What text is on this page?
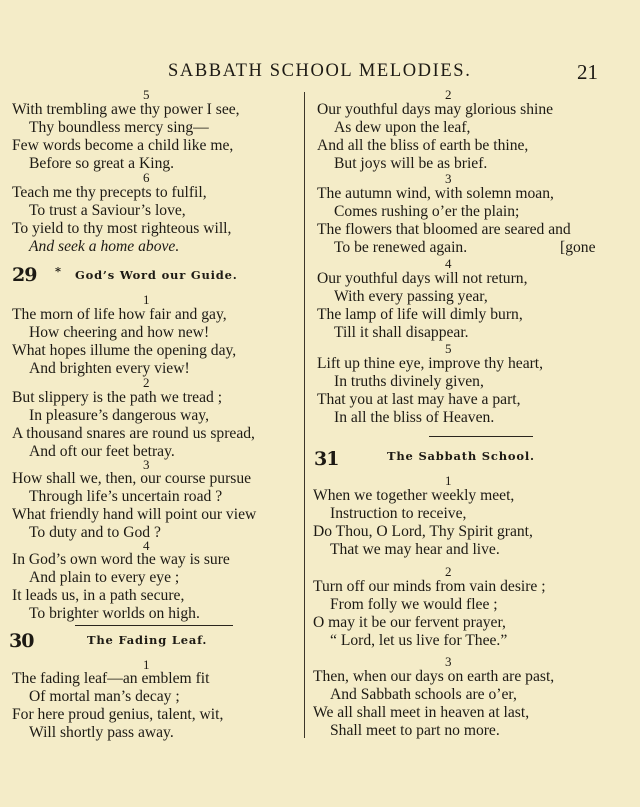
SABBATH SCHOOL MELODIES.	21
5
With trembling awe thy power I see,
Thy boundless mercy sing—
Few words become a child like me,
Before so great a King.
6
Teach me thy precepts to fulfil,
To trust a Saviour’s love,
To yield to thy most righteous will,
And seek a home above.
29 * God’s Word our Guide.
1
The morn of life how fair and gay,
How cheering and how new!
What hopes illume the opening day,
And brighten every view!
2
But slippery is the path we tread ;
In pleasure’s dangerous way,
A thousand snares are round us spread,
And oft our feet betray.
3
How shall we, then, our course pursue
Through life’s uncertain road ?
What friendly hand will point our view
To duty and to God ?
4
In God’s own word the way is sure
And plain to every eye ;
It leads us, in a path secure,
To brighter worlds on high.
30	The Fading Leaf.
1
The fading leaf—an emblem fit
Of mortal man’s decay ;
For here proud genius, talent, wit,
Will shortly pass away.
2
Our youthful days may glorious shine
As dew upon the leaf,
And all the bliss of earth be thine,
But joys will be as brief.
3
The autumn wind, with solemn moan,
Comes rushing o’er the plain;
The flowers that bloomed are seared and
To be renewed again.	[gone
4
Our youthful days will not return,
With every passing year,
The lamp of life will dimly burn,
Till it shall disappear.
5
Lift up thine eye, improve thy heart,
In truths divinely given,
That you at last may have a part,
In all the bliss of Heaven.
31	The Sabbath School.
1
When we together weekly meet,
Instruction to receive,
Do Thou, O Lord, Thy Spirit grant,
That we may hear and live.
2
Turn off our minds from vain desire ;
From folly we would flee ;
O may it be our fervent prayer,
“ Lord, let us live for Thee.”
3
Then, when our days on earth are past,
And Sabbath schools are o’er,
We all shall meet in heaven at last,
Shall meet to part no more.
